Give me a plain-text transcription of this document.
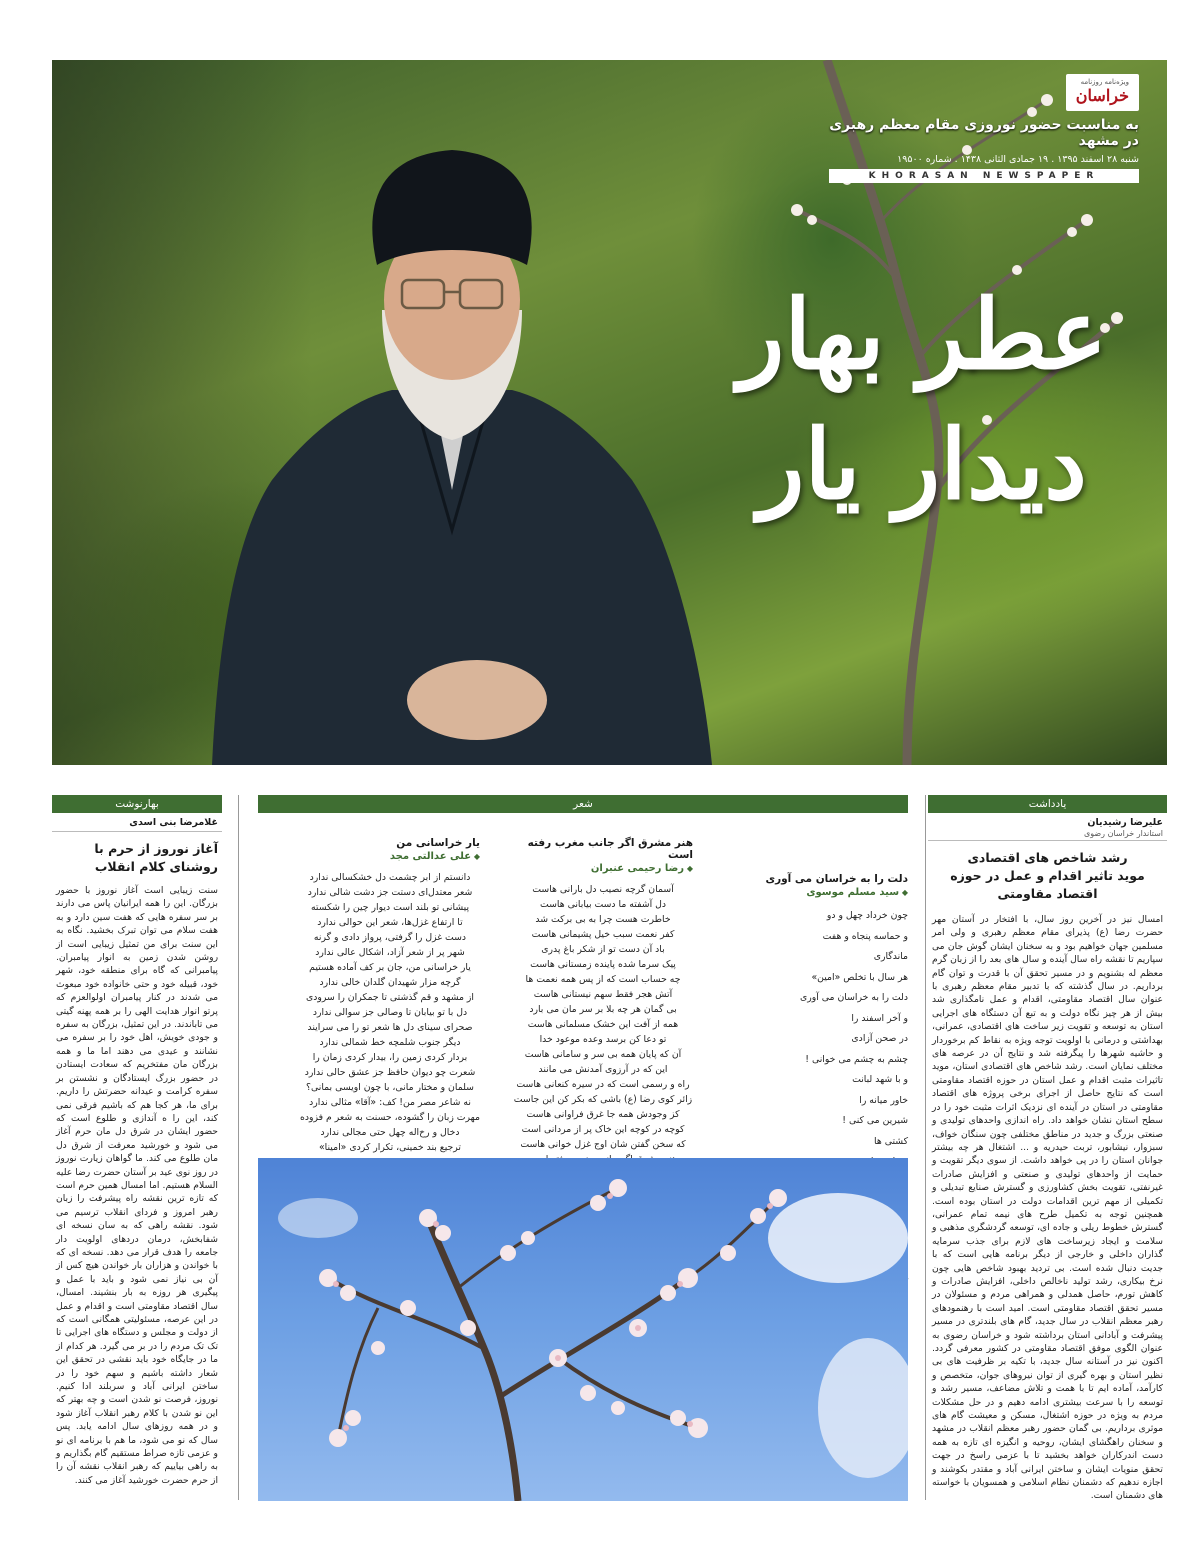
ویژه‌نامه روزنامه
خراسان
به مناسبت حضور نوروزی مقام معظم رهبری در مشهد
شنبه ۲۸ اسفند ۱۳۹۵ . ۱۹ جمادی الثانی ۱۴۳۸ . شماره ۱۹۵۰۰
KHORASAN NEWSPAPER
عطر بهار
دیدار یار
بهارنوشت
غلامرضا بنی اسدی
آغاز نوروز از حرم با روشنای کلام انقلاب
سنت زیبایی است آغاز نوروز با حضور بزرگان. این را همه ایرانیان پاس می دارند بر سر سفره هایی که هفت سین دارد و به هفت سلام می توان تبرک بخشید. نگاه به این سنت برای من تمثیل زیبایی است از روشن شدن زمین به انوار پیامبران. پیامبرانی که گاه برای منطقه خود، شهر خود، قبیله خود و حتی خانواده خود مبعوث می شدند در کنار پیامبران اولوالعزم که پرتو انوار هدایت الهی را بر همه پهنه گیتی می تاباندند. در این تمثیل، بزرگان به سفره و جودی خویش، اهل خود را بر سفره می نشانند و عیدی می دهند اما ما و همه بزرگان مان مفتخریم که سعادت ایستادن در حضور بزرگ ایستادگان و نشستن بر سفره کرامت و عیدانه حضرتش را داریم. برای ما، هر کجا هم که باشیم فرقی نمی کند، این را ه آندازی و طلوع است که حضور ایشان در شرق دل مان حرم آغاز می شود و خورشید معرفت از شرق دل مان طلوع می کند. ما گواهان زیارت نوروز در روز نوی عید بر آستان حضرت رضا علیه السلام هستیم. اما امسال همین حرم است که تازه ترین نقشه راه پیشرفت را زبان رهبر امروز و فردای انقلاب ترسیم می شود. نقشه راهی که به سان نسخه ای شفابخش، درمان دردهای اولویت دار جامعه را هدف قرار می دهد. نسخه ای که با خواندن و هزاران بار خواندن هیچ کس از آن بی نیاز نمی شود و باید با عمل و پیگیری هر روزه به بار بنشیند. امسال، سال اقتصاد مقاومتی است و اقدام و عمل در این عرصه، مسئولیتی همگانی است که از دولت و مجلس و دستگاه های اجرایی تا تک تک مردم را در بر می گیرد. هر کدام از ما در جایگاه خود باید نقشی در تحقق این شعار داشته باشیم و سهم خود را در ساختن ایرانی آباد و سربلند ادا کنیم. نوروز، فرصت نو شدن است و چه بهتر که این نو شدن با کلام رهبر انقلاب آغاز شود و در همه روزهای سال ادامه یابد. پس سال که نو می شود، ما هم با برنامه ای نو و عزمی تازه صراط مستقیم گام بگذاریم و به راهی بیاییم که رهبر انقلاب نقشه آن را از حرم حضرت خورشید آغاز می کنند.
شعر
یار خراسانی من
◆ علی عدالتی مجد
دانستم از ابر چشمت دل خشکسالی ندارد
شعر معتدل‌ای دستت جز دشت شالی ندارد
پیشانی تو بلند است دیوار چین را شکسته
تا ارتفاع غزل‌ها، شعر این حوالی ندارد
دست غزل را گرفتی، پرواز دادی و گرنه
شهر پر از شعر آزاد، اشکال عالی ندارد
یار خراسانی من، جان بر کف آماده هستیم
گرچه مزار شهیدان گلدان خالی ندارد
از مشهد و قم گذشتی تا جمکران را سرودی
دل با تو بیابان تا وصالی جز سوالی ندارد
صحرای سینای دل ها شعر تو را می سرایند
دیگر جنوب شلمچه خط شمالی ندارد
بردار کردی زمین را، بیدار کردی زمان را
شعرت چو دیوان حافظ جز عشق حالی ندارد
سلمان و مختار مانی، با چون اویسی بمانی؟
نه شاعر مصر من! کف: «آقا» مثالی ندارد
مهرت زبان را گشوده، حسنت به شعر م فزوده
دخال و رخ‌اله چهل حتی مجالی ندارد
ترجیع بند خمینی، تکرار کردی «امینا»

هنر مشرق اگر جانب مغرب رفته است
◆ رضا رحیمی عنبران
آسمان گرچه نصیب دل بارانی هاست
دل آشفته ما دست بیابانی هاست
خاطرت هست چرا به بی برکت شد
کفر نعمت سبب خیل پشیمانی هاست
باد آن دست تو از شکر باغ پدری
پیک سرما شده پاینده زمستانی هاست
چه حساب است که از پس همه نعمت ها
آتش هجر فقط سهم نیستانی هاست
بی گمان هر چه بلا بر سر مان می بارد
همه از آفت این خشک مسلمانی هاست
تو دعا کن برسد وعده موعود خدا
آن که پایان همه بی سر و سامانی هاست
این که در آرزوی آمدنش می مانند
راه و رسمی است که در سیره کنعانی هاست
زائر کوی رضا (ع) باشی که بکر کن این جاست
کز وجودش همه جا غرق فراوانی هاست
کوچه در کوچه این خاک پر از مردانی است
که سخن گفتن شان اوج غزل خوانی هاست

دلت را به خراسان می آوری
◆ سید مسلم موسوی
چون خرداد چهل و دو
و حماسه پنجاه و هفت
ماندگاری
هر سال با تخلص «امین»
دلت را به خراسان می آوری
و آخر اسفند را
در صحن آزادی
چشم به چشم می خوانی !
و با شهد لبانت
خاور میانه را
شیرین می کنی !
کشتی ها

یادداشت
علیرضا رشیدیان
استاندار خراسان رضوی
رشد شاخص های اقتصادی
موید تاثیر اقدام و عمل در حوزه اقتصاد مقاومتی
امسال نیز در آخرین روز سال، با افتخار در آستان مهر حضرت رضا (ع) پذیرای مقام معظم رهبری و ولی امر مسلمین جهان خواهیم بود و به سخنان ایشان گوش جان می سپاریم تا نقشه راه سال آینده و سال های بعد را از زبان گرم معظم له بشنویم و در مسیر تحقق آن با قدرت و توان گام برداریم. در سال گذشته که با تدبیر مقام معظم رهبری با عنوان سال اقتصاد مقاومتی، اقدام و عمل نامگذاری شد بیش از هر چیز نگاه دولت و به تبع آن دستگاه های اجرایی استان به توسعه و تقویت زیر ساخت های اقتصادی، عمرانی، بهداشتی و درمانی با اولویت توجه ویژه به نقاط کم برخوردار و حاشیه شهرها را پیگرفته شد و نتایج آن در عرصه های مختلف نمایان است. رشد شاخص های اقتصادی استان، موید تاثیرات مثبت اقدام و عمل استان در حوزه اقتصاد مقاومتی است که نتایج حاصل از اجرای برخی پروژه های اقتصاد مقاومتی در استان در آینده ای نزدیک اثرات مثبت خود را در سطح استان نشان خواهد داد. راه اندازی واحدهای تولیدی و صنعتی بزرگ و جدید در مناطق مختلفی چون سنگان خواف، سبزوار، نیشابور، تربت حیدریه و ... اشتغال هر چه بیشتر جوانان استان را در پی خواهد داشت. از سوی دیگر تقویت و حمایت از واحدهای تولیدی و صنعتی و افزایش صادرات غیرنفتی، تقویت بخش کشاورزی و گسترش صنایع تبدیلی و تکمیلی از مهم ترین اقدامات دولت در استان بوده است. همچنین توجه به تکمیل طرح های نیمه تمام عمرانی، گسترش خطوط ریلی و جاده ای، توسعه گردشگری مذهبی و سلامت و ایجاد زیرساخت های لازم برای جذب سرمایه گذاران داخلی و خارجی از دیگر برنامه هایی است که با جدیت دنبال شده است. بی تردید بهبود شاخص هایی چون نرخ بیکاری، رشد تولید ناخالص داخلی، افزایش صادرات و کاهش تورم، حاصل همدلی و همراهی مردم و مسئولان در مسیر تحقق اقتصاد مقاومتی است. امید است با رهنمودهای رهبر معظم انقلاب در سال جدید، گام های بلندتری در مسیر پیشرفت و آبادانی استان برداشته شود و خراسان رضوی به عنوان الگوی موفق اقتصاد مقاومتی در کشور معرفی گردد. اکنون نیز در آستانه سال جدید، با تکیه بر ظرفیت های بی نظیر استان و بهره گیری از توان نیروهای جوان، متخصص و کارآمد، آماده ایم تا با همت و تلاش مضاعف، مسیر رشد و توسعه را با سرعت بیشتری ادامه دهیم و در حل مشکلات مردم به ویژه در حوزه اشتغال، مسکن و معیشت گام های موثری برداریم. بی گمان حضور رهبر معظم انقلاب در مشهد و سخنان راهگشای ایشان، روحیه و انگیزه ای تازه به همه دست اندرکاران خواهد بخشید تا با عزمی راسخ در جهت تحقق منویات ایشان و ساختن ایرانی آباد و مقتدر بکوشند و اجازه ندهیم که دشمنان نظام اسلامی و همسویان با خواسته های دشمنان است.
